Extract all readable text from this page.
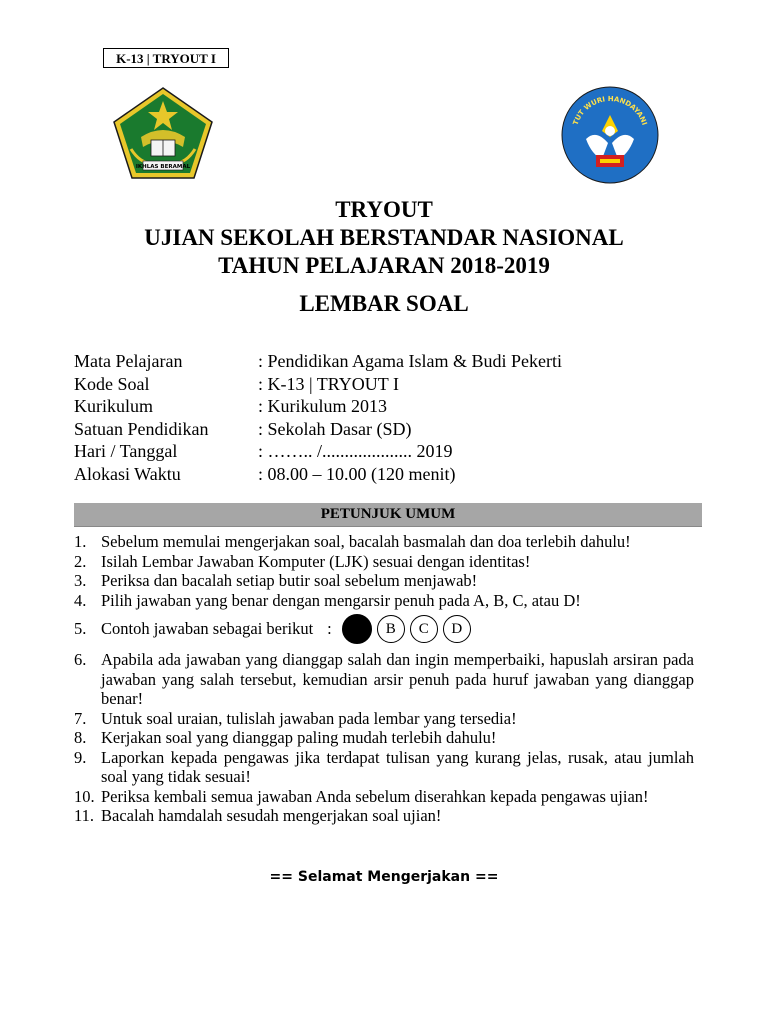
K-13 | TRYOUT I
IKHLAS BERAMAL
TUT WURI HANDAYANI
TRYOUT
UJIAN SEKOLAH BERSTANDAR NASIONAL
TAHUN PELAJARAN 2018-2019
LEMBAR SOAL
Mata Pelajaran	: Pendidikan Agama Islam & Budi Pekerti
Kode Soal	: K-13 | TRYOUT I
Kurikulum	: Kurikulum 2013
Satuan Pendidikan	: Sekolah Dasar (SD)
Hari / Tanggal	: …….. /.................... 2019
Alokasi Waktu	: 08.00 – 10.00 (120 menit)
PETUNJUK UMUM
1. Sebelum memulai mengerjakan soal, bacalah basmalah dan doa terlebih dahulu!
2. Isilah Lembar Jawaban Komputer (LJK) sesuai dengan identitas!
3. Periksa dan bacalah setiap butir soal sebelum menjawab!
4. Pilih jawaban yang benar dengan mengarsir penuh pada A, B, C, atau D!
5. Contoh jawaban sebagai berikut :	B	C	D
6. Apabila ada jawaban yang dianggap salah dan ingin memperbaiki, hapuslah arsiran pada jawaban yang salah tersebut, kemudian arsir penuh pada huruf jawaban yang dianggap benar!
7. Untuk soal uraian, tulislah jawaban pada lembar yang tersedia!
8. Kerjakan soal yang dianggap paling mudah terlebih dahulu!
9. Laporkan kepada pengawas jika terdapat tulisan yang kurang jelas, rusak, atau jumlah soal yang tidak sesuai!
10. Periksa kembali semua jawaban Anda sebelum diserahkan kepada pengawas ujian!
11. Bacalah hamdalah sesudah mengerjakan soal ujian!
== Selamat Mengerjakan ==
